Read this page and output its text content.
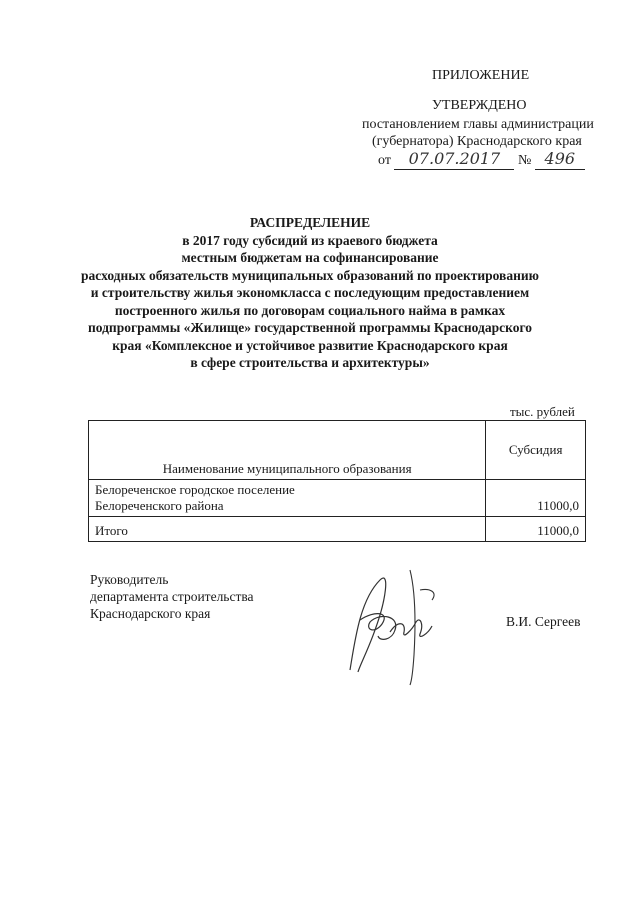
ПРИЛОЖЕНИЕ
УТВЕРЖДЕНО
постановлением главы администрации
(губернатора) Краснодарского края
от 07.07.2017 № 496
РАСПРЕДЕЛЕНИЕ
в 2017 году субсидий из краевого бюджета
местным бюджетам на софинансирование
расходных обязательств муниципальных образований по проектированию
и строительству жилья экономкласса с последующим предоставлением
построенного жилья по договорам социального найма в рамках
подпрограммы «Жилище» государственной программы Краснодарского
края «Комплексное и устойчивое развитие Краснодарского края
в сфере строительства и архитектуры»
тыс. рублей
Наименование муниципального образования	Субсидия

Белореченское городское поселение
Белореченского района	11000,0
Итого	11000,0
Руководитель
департамента строительства
Краснодарского края
В.И. Сергеев
